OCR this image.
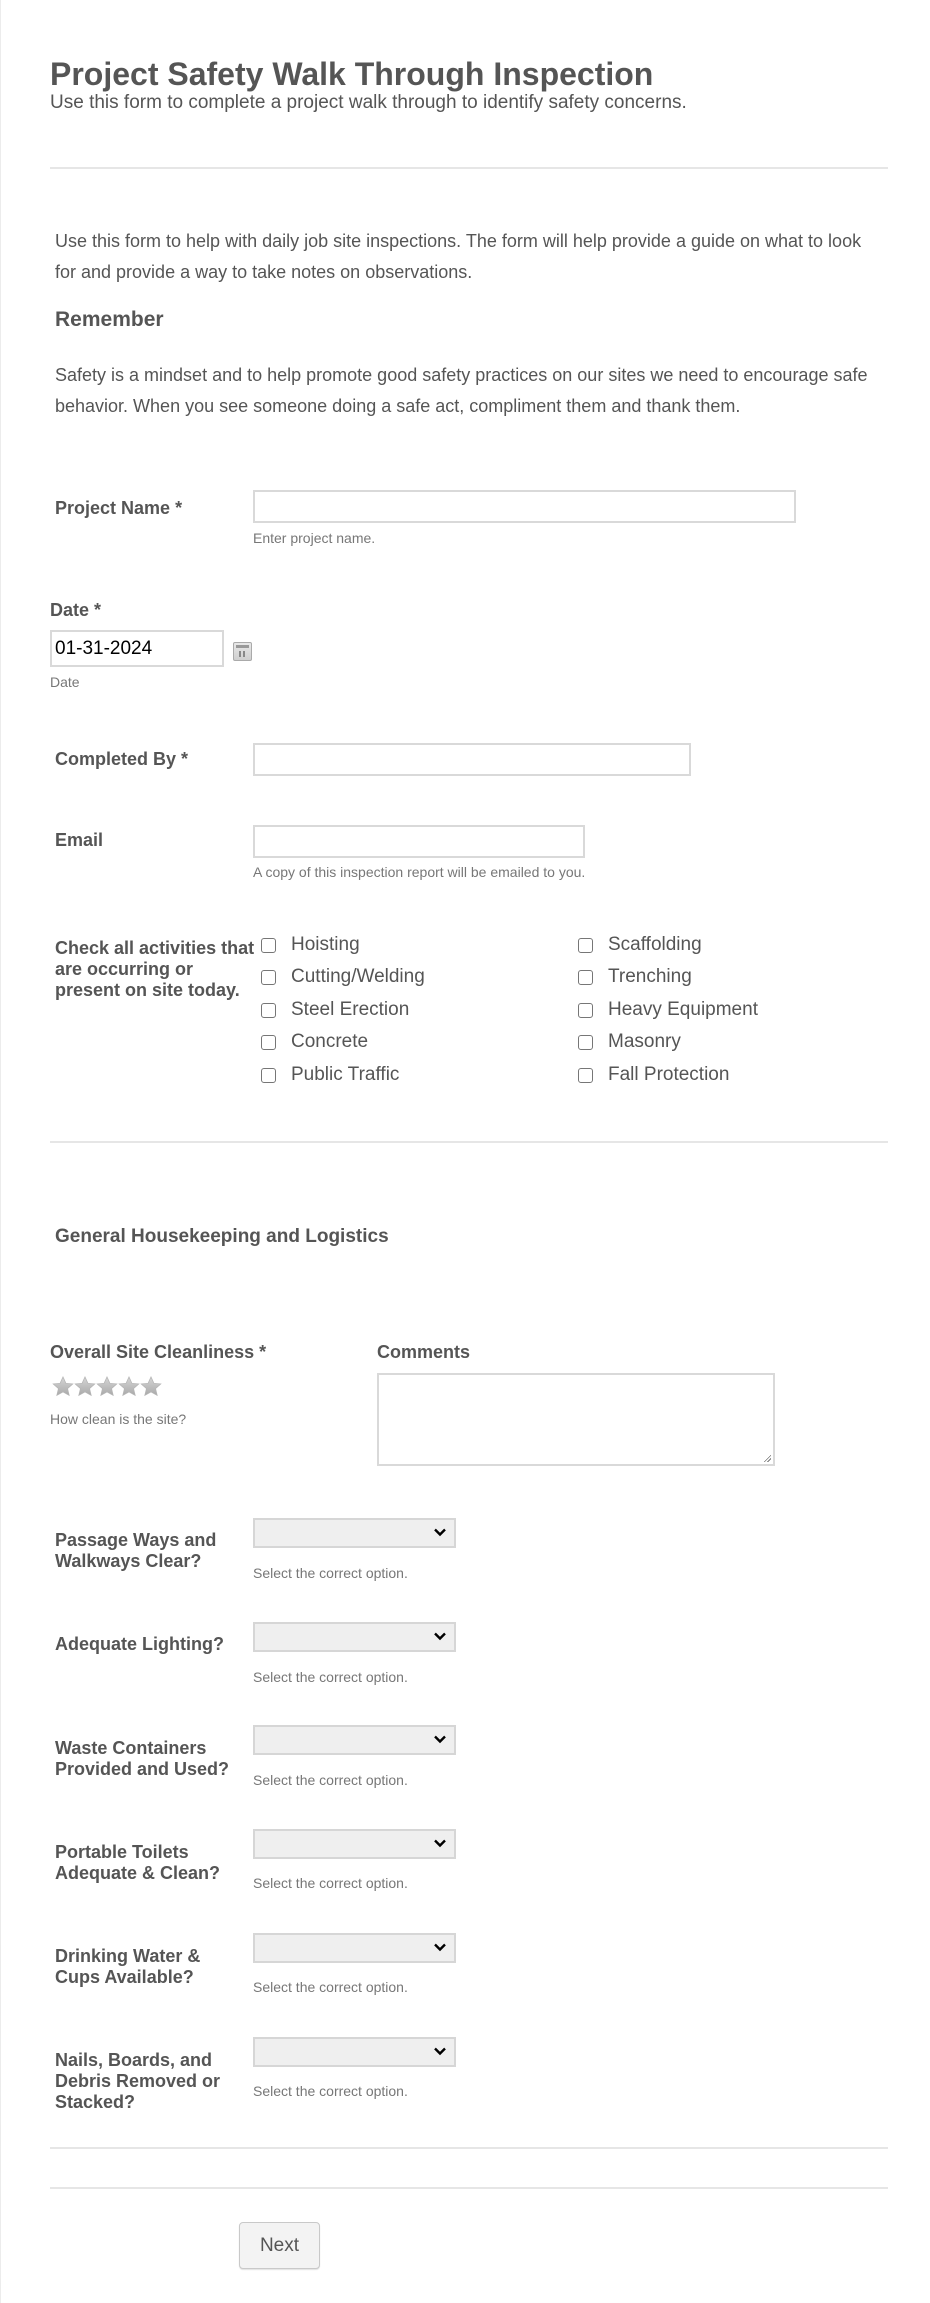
Project Safety Walk Through Inspection
Use this form to complete a project walk through to identify safety concerns.
Use this form to help with daily job site inspections. The form will help provide a guide on what to look for and provide a way to take notes on observations.
Remember
Safety is a mindset and to help promote good safety practices on our sites we need to encourage safe behavior. When you see someone doing a safe act, compliment them and thank them.
Project Name *
Enter project name.
Date *
01-31-2024
Date
Completed By *
Email
A copy of this inspection report will be emailed to you.
Check all activities that are occurring or present on site today.
Hoisting
Cutting/Welding
Steel Erection
Concrete
Public Traffic
Scaffolding
Trenching
Heavy Equipment
Masonry
Fall Protection
General Housekeeping and Logistics
Overall Site Cleanliness *
How clean is the site?
Comments
Passage Ways and Walkways Clear?
Select the correct option.
Adequate Lighting?
Select the correct option.
Waste Containers Provided and Used?
Select the correct option.
Portable Toilets Adequate & Clean?	Select the correct option.
Drinking Water & Cups Available?	Select the correct option.
Nails, Boards, and Debris Removed or Stacked?
Select the correct option.
Next
